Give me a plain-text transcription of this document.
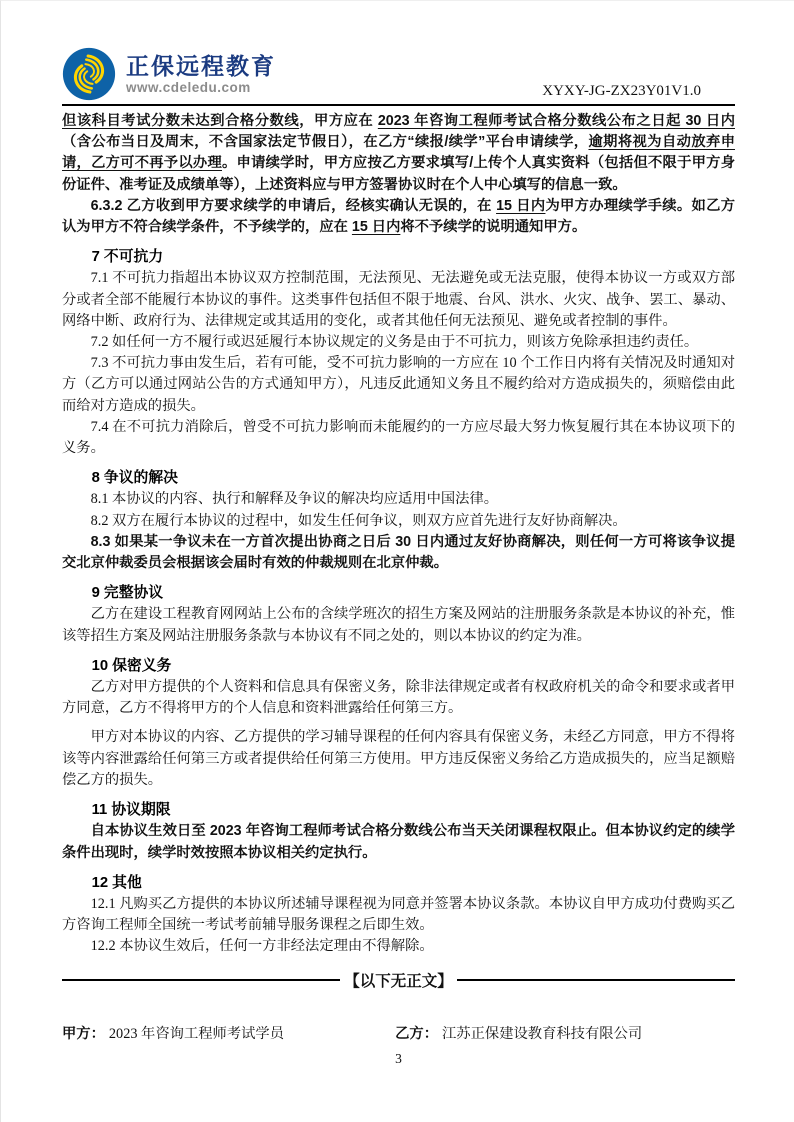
正保远程教育
www.cdeledu.com	XYXY-JG-ZX23Y01V1.0

但该科目考试分数未达到合格分数线，甲方应在 2023 年咨询工程师考试合格分数线公布之日起 30 日内（含公布当日及周末，不含国家法定节假日），在乙方“续报/续学”平台申请续学，逾期将视为自动放弃申请，乙方可不再予以办理。申请续学时，甲方应按乙方要求填写/上传个人真实资料（包括但不限于甲方身份证件、准考证及成绩单等），上述资料应与甲方签署协议时在个人中心填写的信息一致。

6.3.2 乙方收到甲方要求续学的申请后，经核实确认无误的，在 15 日内为甲方办理续学手续。如乙方认为甲方不符合续学条件，不予续学的，应在 15 日内将不予续学的说明通知甲方。

7 不可抗力

7.1 不可抗力指超出本协议双方控制范围，无法预见、无法避免或无法克服，使得本协议一方或双方部分或者全部不能履行本协议的事件。这类事件包括但不限于地震、台风、洪水、火灾、战争、罢工、暴动、网络中断、政府行为、法律规定或其适用的变化，或者其他任何无法预见、避免或者控制的事件。

7.2 如任何一方不履行或迟延履行本协议规定的义务是由于不可抗力，则该方免除承担违约责任。

7.3 不可抗力事由发生后，若有可能，受不可抗力影响的一方应在 10 个工作日内将有关情况及时通知对方（乙方可以通过网站公告的方式通知甲方），凡违反此通知义务且不履约给对方造成损失的，须赔偿由此而给对方造成的损失。

7.4 在不可抗力消除后，曾受不可抗力影响而未能履约的一方应尽最大努力恢复履行其在本协议项下的义务。

8 争议的解决

8.1 本协议的内容、执行和解释及争议的解决均应适用中国法律。

8.2 双方在履行本协议的过程中，如发生任何争议，则双方应首先进行友好协商解决。

8.3 如果某一争议未在一方首次提出协商之日后 30 日内通过友好协商解决，则任何一方可将该争议提交北京仲裁委员会根据该会届时有效的仲裁规则在北京仲裁。

9 完整协议

乙方在建设工程教育网网站上公布的含续学班次的招生方案及网站的注册服务条款是本协议的补充，惟该等招生方案及网站注册服务条款与本协议有不同之处的，则以本协议的约定为准。

10 保密义务

乙方对甲方提供的个人资料和信息具有保密义务，除非法律规定或者有权政府机关的命令和要求或者甲方同意，乙方不得将甲方的个人信息和资料泄露给任何第三方。

甲方对本协议的内容、乙方提供的学习辅导课程的任何内容具有保密义务，未经乙方同意，甲方不得将该等内容泄露给任何第三方或者提供给任何第三方使用。甲方违反保密义务给乙方造成损失的，应当足额赔偿乙方的损失。

11 协议期限

自本协议生效日至 2023 年咨询工程师考试合格分数线公布当天关闭课程权限止。但本协议约定的续学条件出现时，续学时效按照本协议相关约定执行。

12 其他

12.1 凡购买乙方提供的本协议所述辅导课程视为同意并签署本协议条款。本协议自甲方成功付费购买乙方咨询工程师全国统一考试考前辅导服务课程之后即生效。

12.2 本协议生效后，任何一方非经法定理由不得解除。

【以下无正文】
甲方： 2023 年咨询工程师考试学员	乙方： 江苏正保建设教育科技有限公司
3
